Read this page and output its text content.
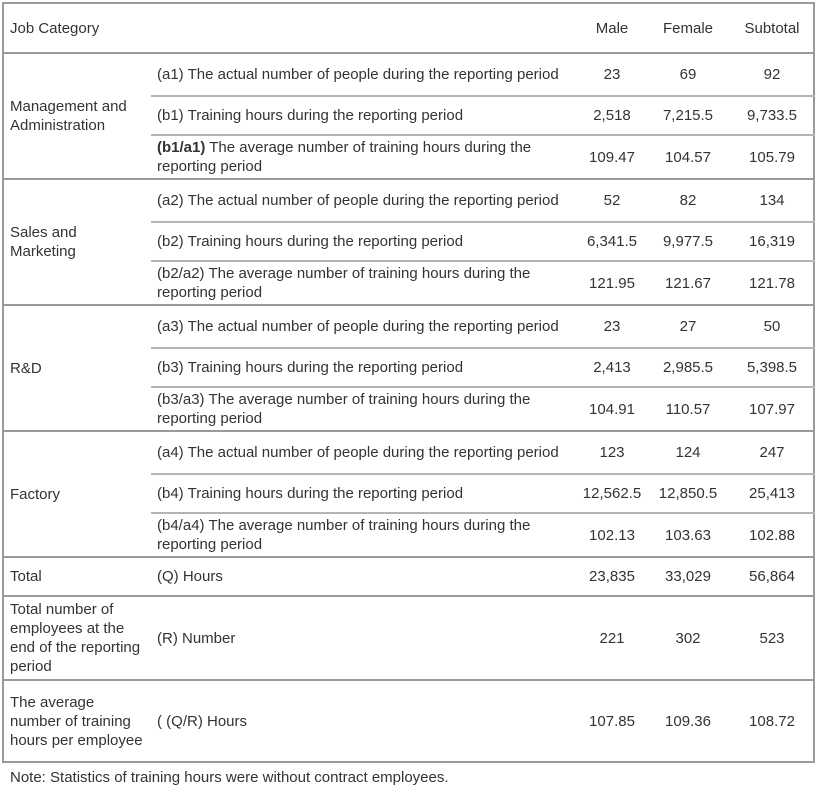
Job Category		Male	Female	Subtotal
Management and Administration	(a1) The actual number of people during the reporting period	23	69	92
	(b1) Training hours during the reporting period	2,518	7,215.5	9,733.5
	(b1/a1) The average number of training hours during the reporting period	109.47	104.57	105.79
Sales and Marketing	(a2) The actual number of people during the reporting period	52	82	134
	(b2) Training hours during the reporting period	6,341.5	9,977.5	16,319
	(b2/a2) The average number of training hours during the reporting period	121.95	121.67	121.78
R&D	(a3) The actual number of people during the reporting period	23	27	50
	(b3) Training hours during the reporting period	2,413	2,985.5	5,398.5
	(b3/a3) The average number of training hours during the reporting period	104.91	110.57	107.97
Factory	(a4) The actual number of people during the reporting period	123	124	247
	(b4) Training hours during the reporting period	12,562.5	12,850.5	25,413
	(b4/a4) The average number of training hours during the reporting period	102.13	103.63	102.88
Total	(Q) Hours	23,835	33,029	56,864
Total number of employees at the end of the reporting period	(R) Number	221	302	523
The average number of training hours per employee	( (Q/R) Hours	107.85	109.36	108.72
Note: Statistics of training hours were without contract employees.
